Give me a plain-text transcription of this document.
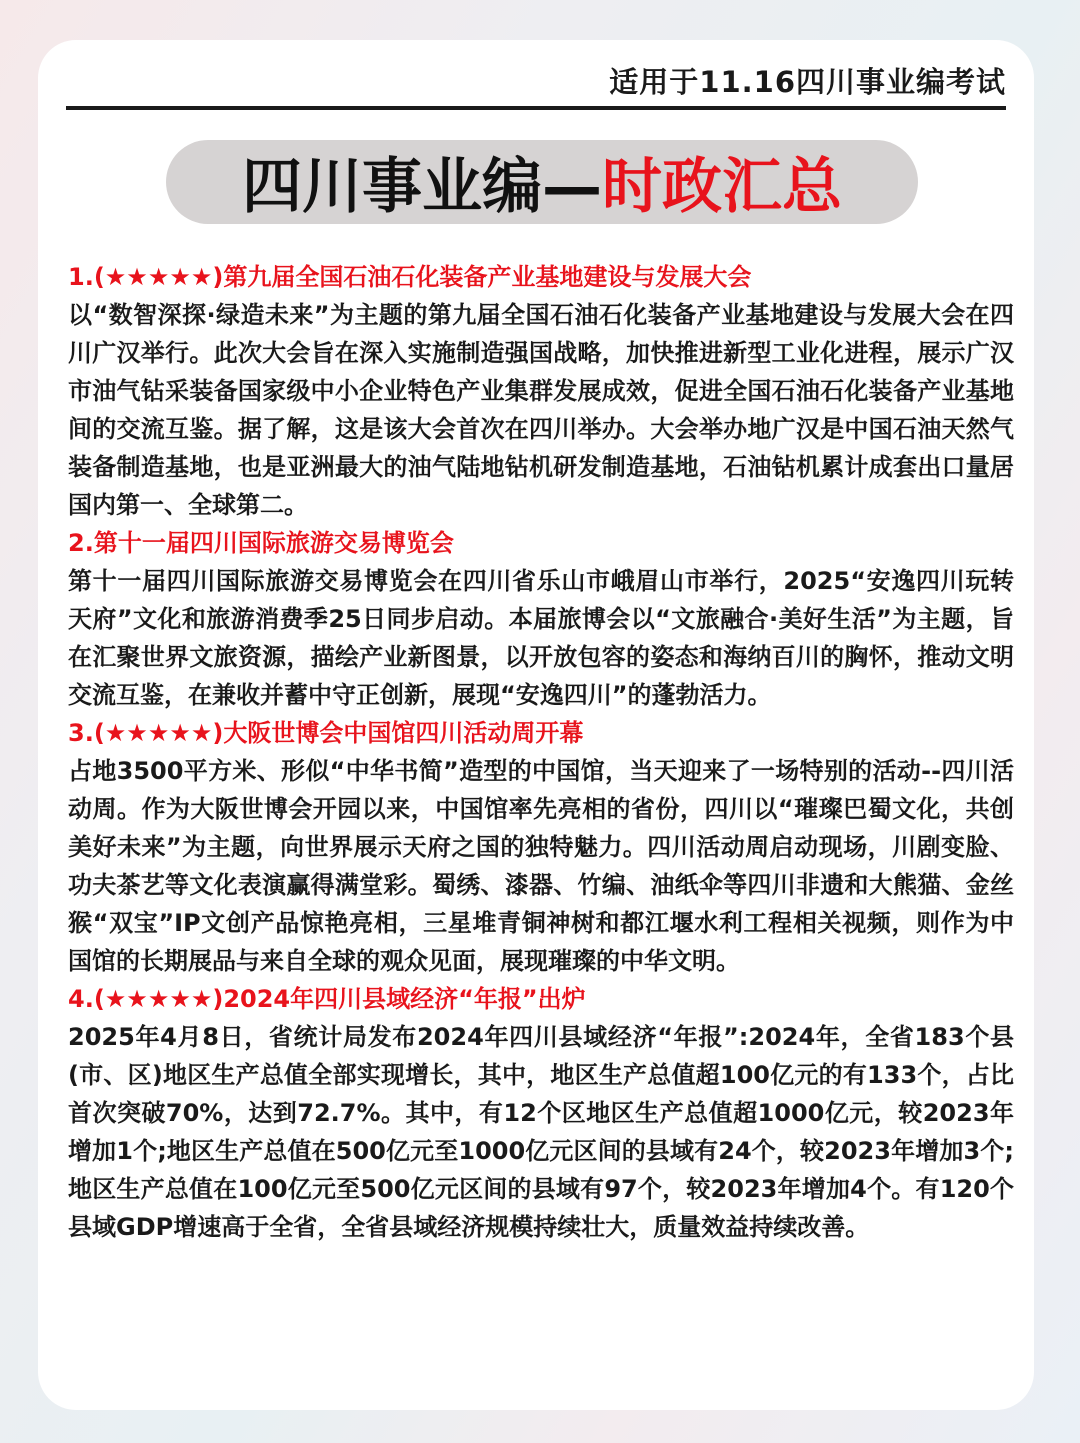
适用于11.16四川事业编考试
四川事业编— 时政汇总
1.(★★★★★)第九届全国石油石化装备产业基地建设与发展大会
以“数智深探·绿造未来”为主题的第九届全国石油石化装备产业基地建设与发展大会在四川广汉举行。此次大会旨在深入实施制造强国战略，加快推进新型工业化进程，展示广汉市油气钻采装备国家级中小企业特色产业集群发展成效，促进全国石油石化装备产业基地间的交流互鉴。据了解，这是该大会首次在四川举办。大会举办地广汉是中国石油天然气装备制造基地，也是亚洲最大的油气陆地钻机研发制造基地，石油钻机累计成套出口量居国内第一、全球第二。
2.第十一届四川国际旅游交易博览会
第十一届四川国际旅游交易博览会在四川省乐山市峨眉山市举行，2025“安逸四川玩转天府”文化和旅游消费季25日同步启动。本届旅博会以“文旅融合·美好生活”为主题，旨在汇聚世界文旅资源，描绘产业新图景，以开放包容的姿态和海纳百川的胸怀，推动文明交流互鉴，在兼收并蓄中守正创新，展现“安逸四川”的蓬勃活力。
3.(★★★★★)大阪世博会中国馆四川活动周开幕
占地3500平方米、形似“中华书简”造型的中国馆，当天迎来了一场特别的活动--四川活动周。作为大阪世博会开园以来，中国馆率先亮相的省份，四川以“璀璨巴蜀文化，共创美好未来”为主题，向世界展示天府之国的独特魅力。四川活动周启动现场，川剧变脸、功夫茶艺等文化表演赢得满堂彩。蜀绣、漆器、竹编、油纸伞等四川非遗和大熊猫、金丝猴“双宝”IP文创产品惊艳亮相，三星堆青铜神树和都江堰水利工程相关视频，则作为中国馆的长期展品与来自全球的观众见面，展现璀璨的中华文明。
4.(★★★★★)2024年四川县域经济“年报”出炉
2025年4月8日，省统计局发布2024年四川县域经济“年报”:2024年，全省183个县(市、区)地区生产总值全部实现增长，其中，地区生产总值超100亿元的有133个，占比首次突破70%，达到72.7%。其中，有12个区地区生产总值超1000亿元，较2023年增加1个;地区生产总值在500亿元至1000亿元区间的县域有24个，较2023年增加3个;地区生产总值在100亿元至500亿元区间的县域有97个，较2023年增加4个。有120个县域GDP增速高于全省，全省县域经济规模持续壮大，质量效益持续改善。
